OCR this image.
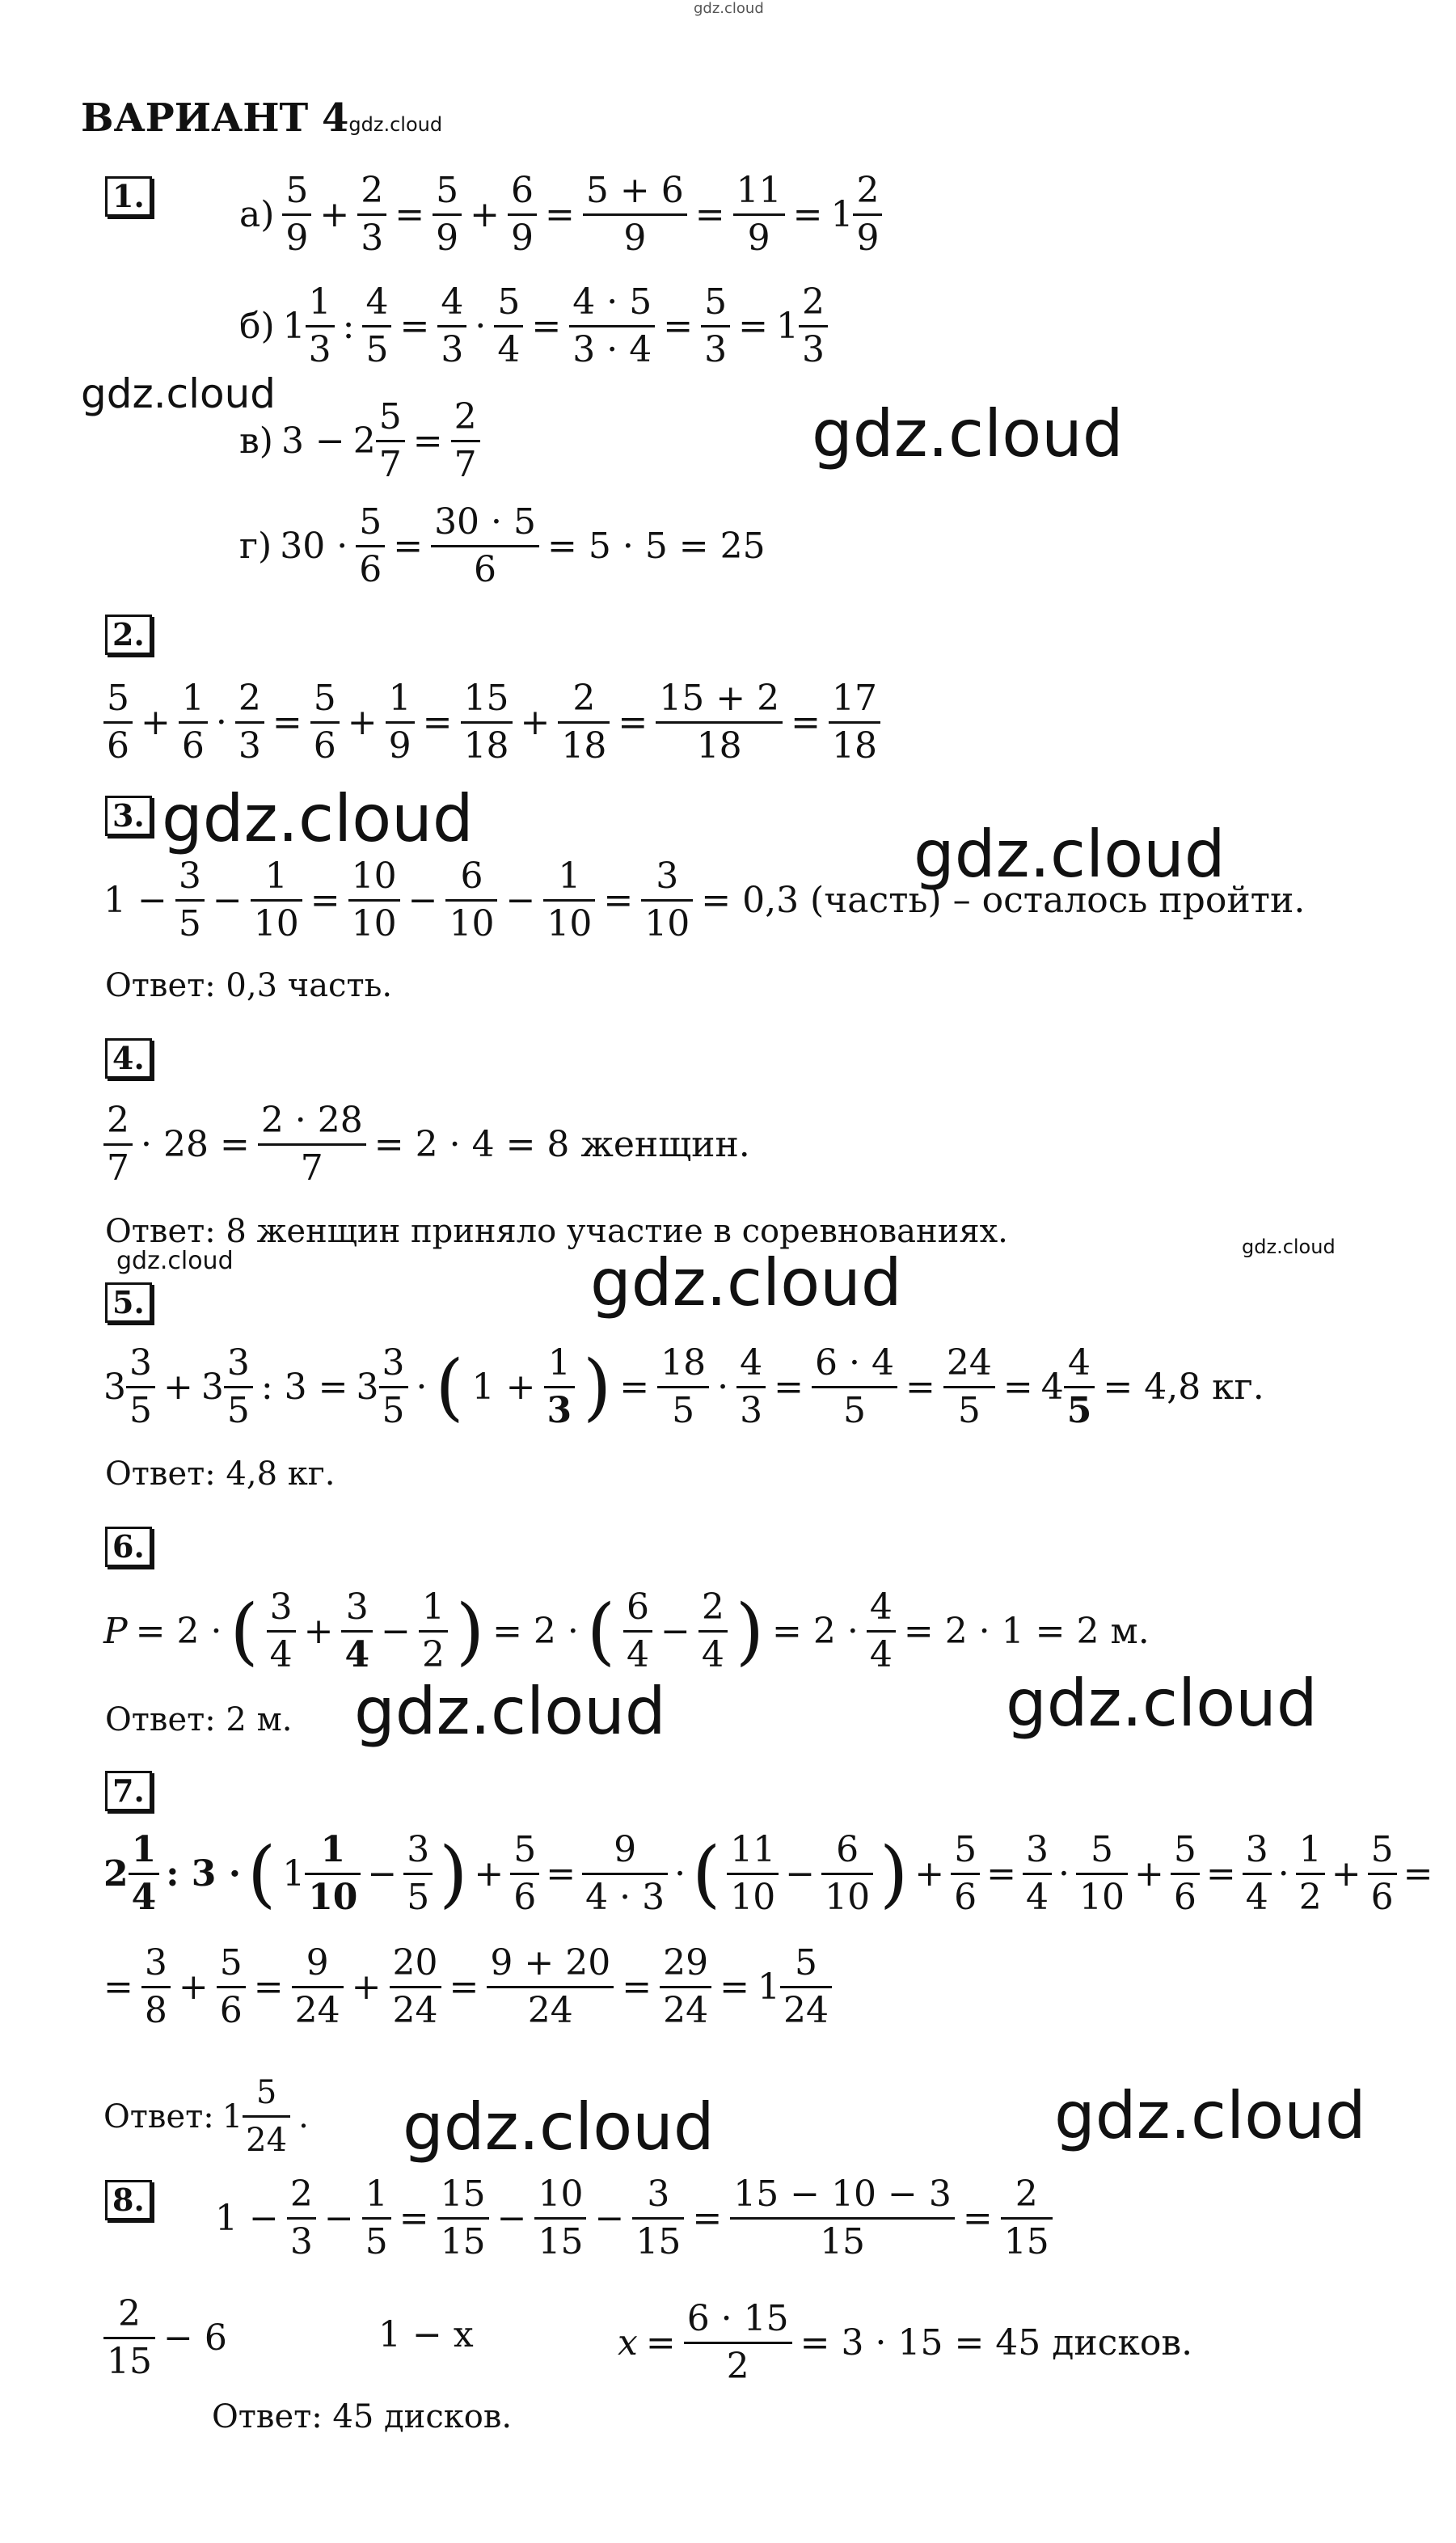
gdz.cloud
gdz.cloud
gdz.cloud
gdz.cloud	gdz.cloud
gdz.cloud	gdz.cloud
gdz.cloud
gdz.cloud	gdz.cloud
gdz.cloud	gdz.cloud
ВАРИАНТ 4gdz.cloud
1.	$а) \frac{5}{9} + \frac{2}{3} = \frac{5}{9} + \frac{6}{9} = \frac{5 + 6}{9} = \frac{11}{9} = 1 \frac{2}{9}$
б) $1 \frac{1}{3}$ : $\frac{4}{5} = \frac{4}{3} \cdot \frac{5}{4} = \frac{4 \cdot 5}{3 \cdot 4} = \frac{5}{3} = 1 \frac{2}{3}$
в) $3 - 2 \frac{5}{7} = \frac{2}{7}$
г) $30 \cdot \frac{5}{6} = \frac{30 \cdot 5}{6} = 5 \cdot 5 = 25$
2.
$\frac{5}{6} + \frac{1}{6} \cdot \frac{2}{3} = \frac{5}{6} + \frac{1}{9} = \frac{15}{18} + \frac{2}{18} = \frac{15 + 2}{18} = \frac{17}{18}$
3.
$1 - \frac{3}{5} - \frac{1}{10} = \frac{10}{10} - \frac{6}{10} - \frac{1}{10} = \frac{3}{10} = 0,3$ (часть) – осталось пройти.
Ответ: 0,3 часть.
4.
$\frac{2}{7} \cdot 28 = \frac{2 \cdot 28}{7} = 2 \cdot 4 = 8$ женщин.
Ответ: 8 женщин приняло участие в соревнованиях.
5.
$3 \frac{3}{5} + 3 \frac{3}{5}$ : $3 = 3 \frac{3}{5}$ · ( $1 + \frac{1}{3}$ ) = $\frac{18}{5} \cdot \frac{4}{3} = \frac{6 \cdot 4}{5} = \frac{24}{5} = 4 \frac{4}{5} = 4,8$ кг.
Ответ: 4,8 кг.
6.
P = 2 · ( $\frac{3}{4} + \frac{3}{4} - \frac{1}{2}$ ) = 2 · ( $\frac{6}{4} - \frac{2}{4}$ ) = $2 \cdot \frac{4}{4} = 2 \cdot 1 = 2$ м.
Ответ: 2 м.
7.
$2 \frac{1}{4}$ : 3 · ( $1 \frac{1}{10} - \frac{3}{5}$ ) + $\frac{5}{6} = \frac{9}{4 \cdot 3}$ · ( $\frac{11}{10} - \frac{6}{10}$ ) + $\frac{5}{6} = \frac{3}{4} \cdot \frac{5}{10} + \frac{5}{6} = \frac{3}{4} \cdot \frac{1}{2} + \frac{5}{6}$ =
= $\frac{3}{8} + \frac{5}{6} = \frac{9}{24} + \frac{20}{24} = \frac{9 + 20}{24} = \frac{29}{24} = 1 \frac{5}{24}$
Ответ: $1 \frac{5}{24}$ .
8. $1 - \frac{2}{3} - \frac{1}{5} = \frac{15}{15} - \frac{10}{15} - \frac{3}{15} = \frac{15 - 10 - 3}{15} = \frac{2}{15}$
$\frac{2}{15} - 6$	1 − x	$x = \frac{6 \cdot 15}{2} = 3 \cdot 15 = 45$ дисков.
Ответ: 45 дисков.
